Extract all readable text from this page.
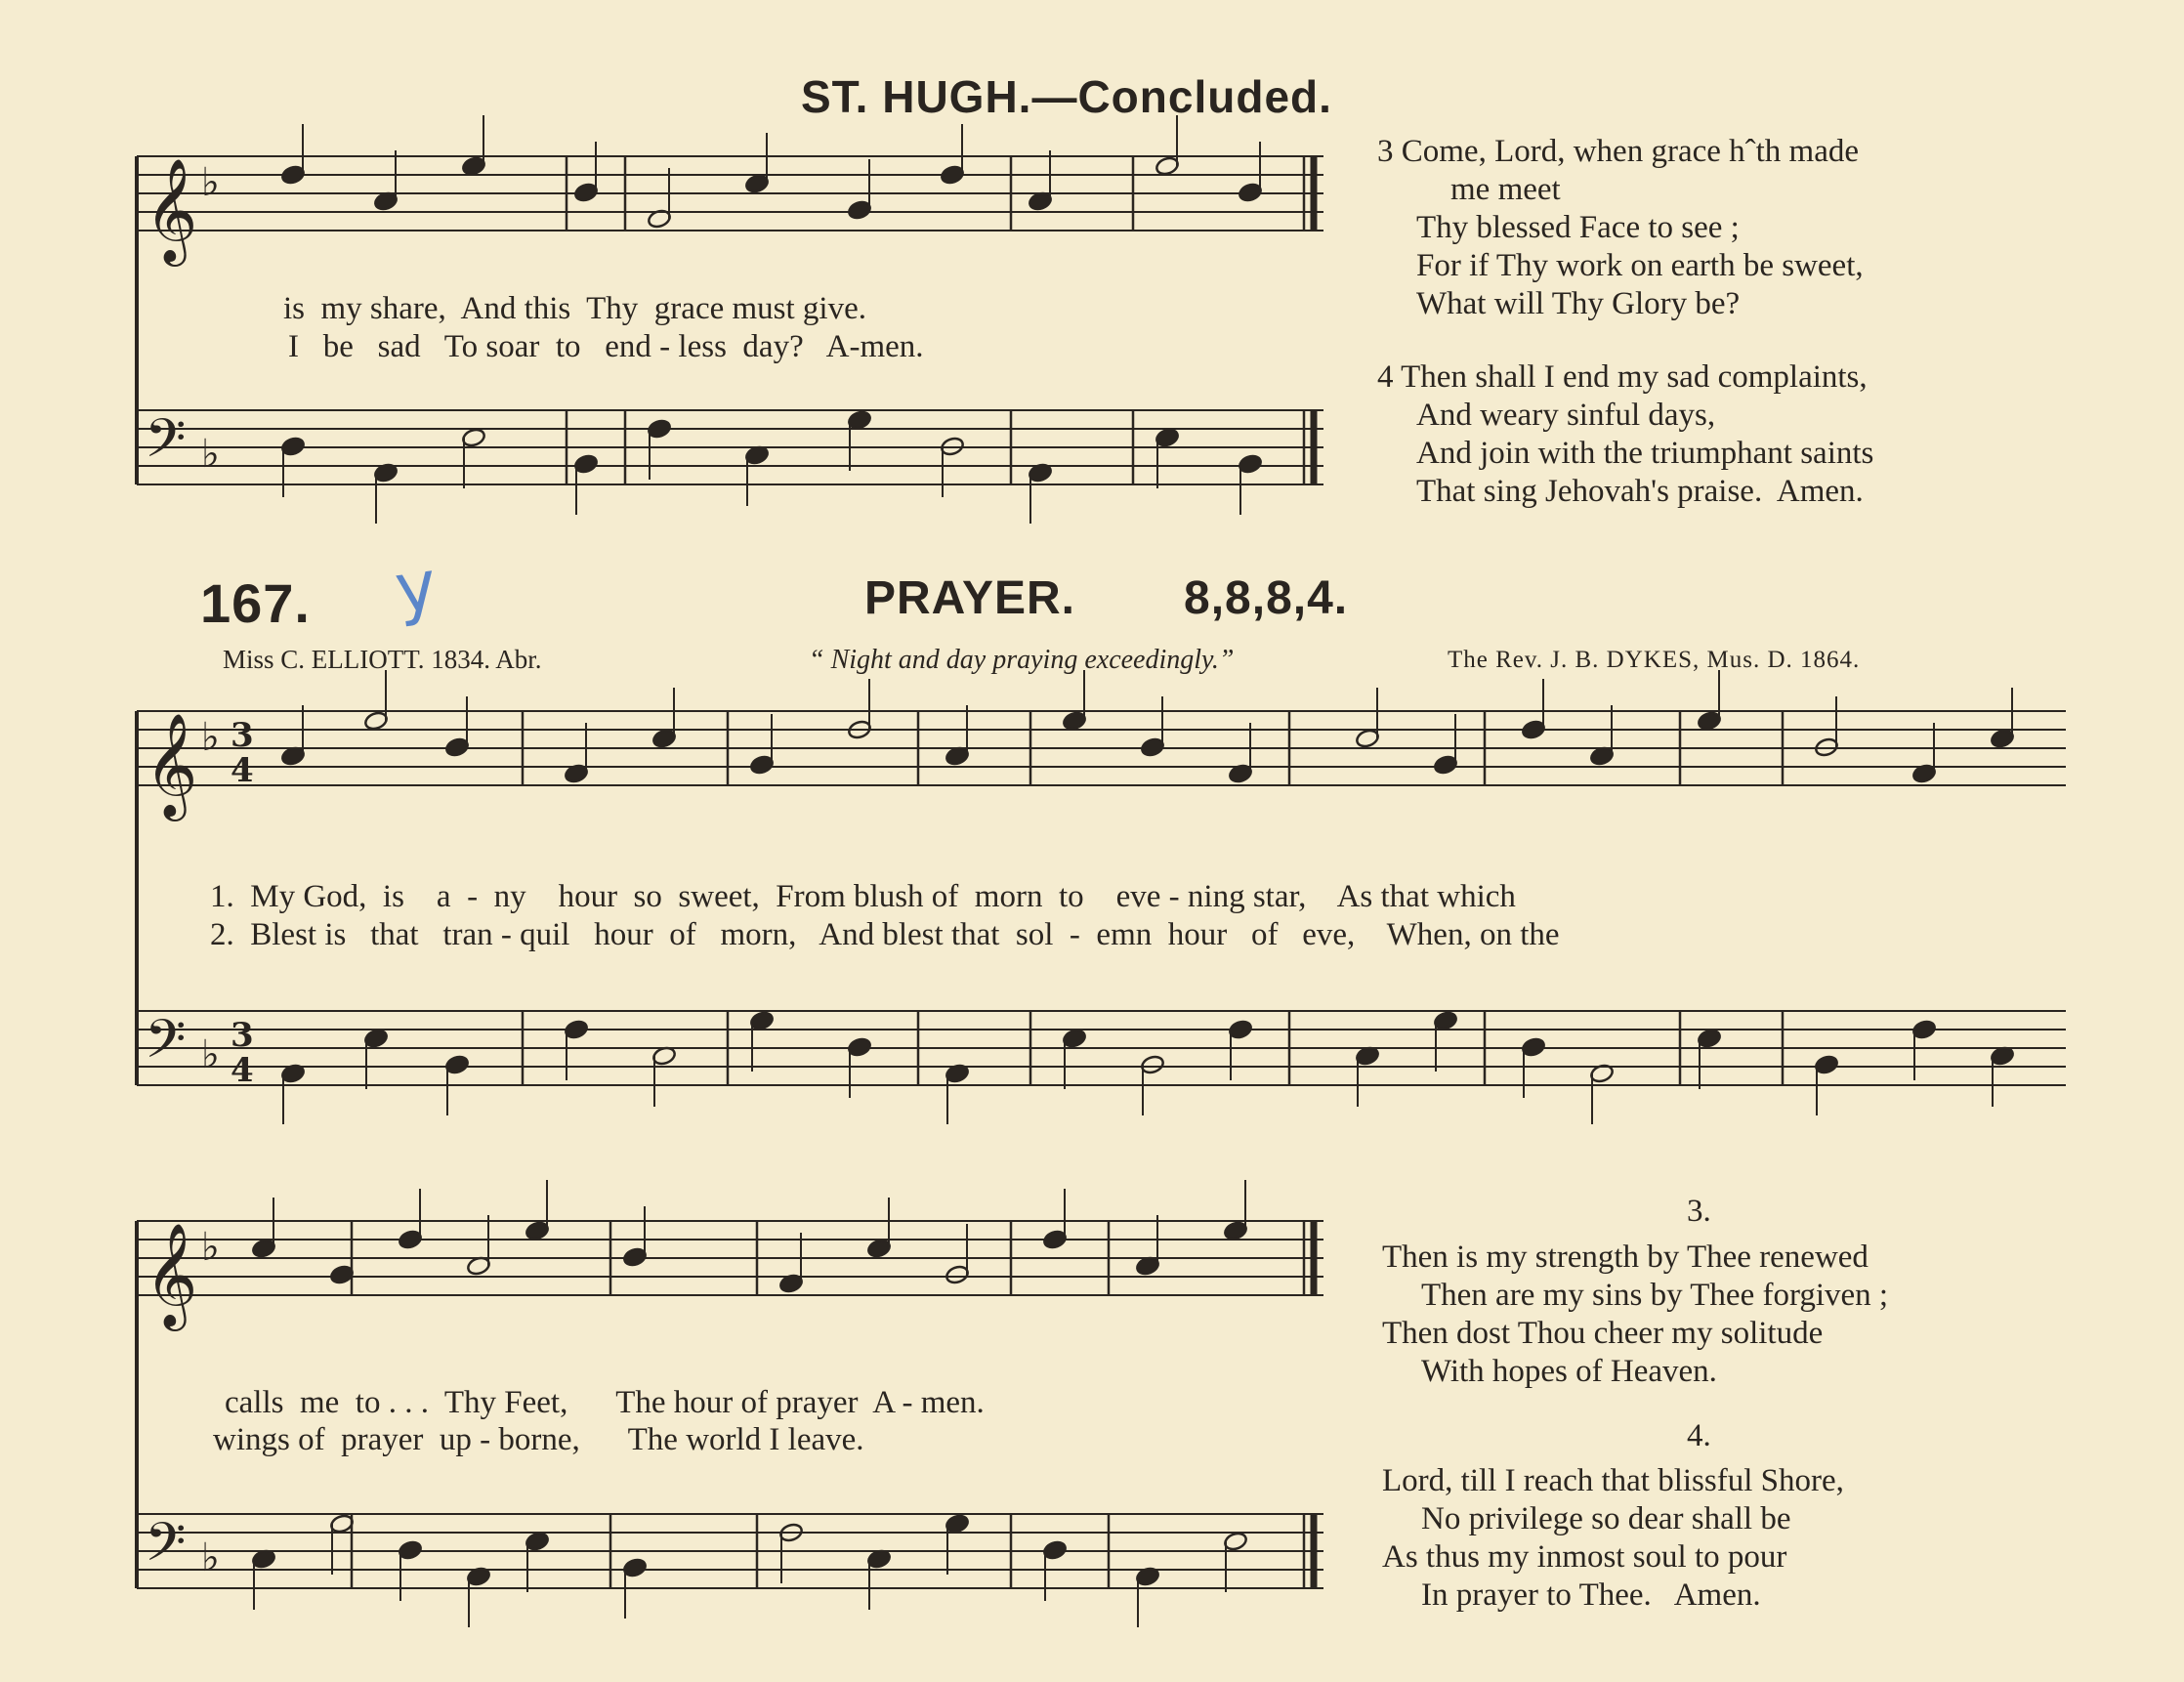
𝄞
𝄢
♭
♭
𝄞
𝄢
♭
♭
3
4
3
4
𝄞
𝄢
♭
♭
ST. HUGH.—Concluded.
167.	PRAYER. 8,8,8,4.
Miss C. ELLIOTT. 1834. Abr.	“ Night and day praying exceedingly.”	The Rev. J. B. DYKES, Mus. D. 1864.
y
is  my share,  And this  Thy  grace must give.
I   be   sad   To soar  to   end - less  day?   A-men.
3 Come, Lord, when grace hˆth made
me meet
Thy blessed Face to see ;
For if Thy work on earth be sweet,
What will Thy Glory be?
4 Then shall I end my sad complaints,
And weary sinful days,
And join with the triumphant saints
That sing Jehovah's praise.  Amen.
1.  My God,  is    a  -  ny    hour  so  sweet,  From blush of  morn  to    eve - ning star,    As that which
2.  Blest is   that   tran - quil   hour  of   morn,   And blest that  sol  -  emn  hour   of   eve,    When, on the
calls  me  to . . .  Thy Feet,      The hour of prayer  A - men.
wings of  prayer  up - borne,      The world I leave.
3.
Then is my strength by Thee renewed
Then are my sins by Thee forgiven ;
Then dost Thou cheer my solitude
With hopes of Heaven.
4.
Lord, till I reach that blissful Shore,
No privilege so dear shall be
As thus my inmost soul to pour
In prayer to Thee.   Amen.
